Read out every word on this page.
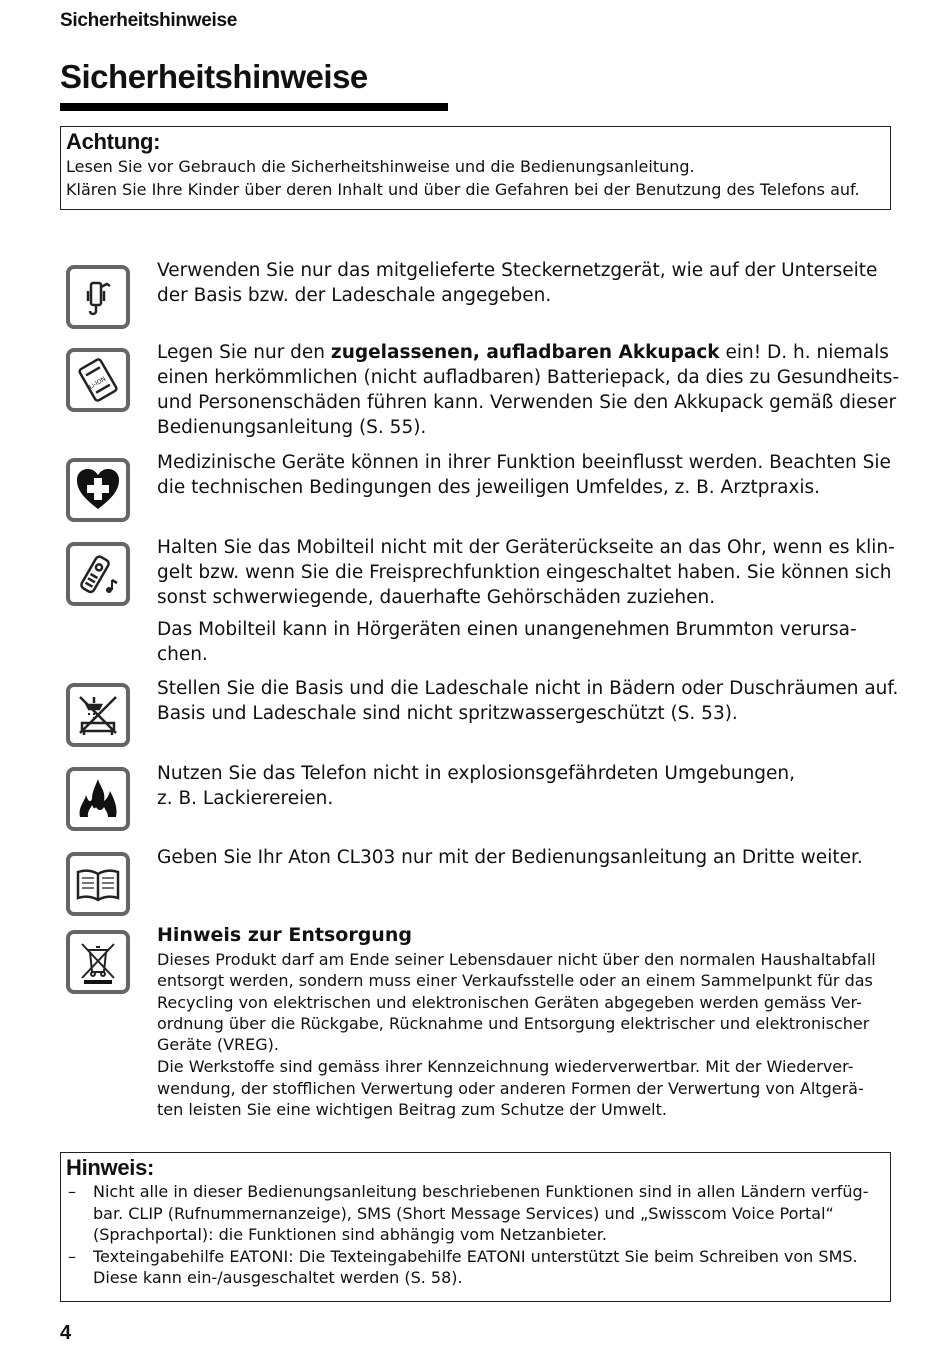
Sicherheitshinweise
Sicherheitshinweise
Achtung:
Lesen Sie vor Gebrauch die Sicherheitshinweise und die Bedienungsanleitung.
Klären Sie Ihre Kinder über deren Inhalt und über die Gefahren bei der Benutzung des Telefons auf.
Verwenden Sie nur das mitgelieferte Steckernetzgerät, wie auf der Unterseite
der Basis bzw. der Ladeschale angegeben.
Li-ION
Legen Sie nur den zugelassenen, aufladbaren Akkupack ein! D. h. niemals
einen herkömmlichen (nicht aufladbaren) Batteriepack, da dies zu Gesundheits-
und Personenschäden führen kann. Verwenden Sie den Akkupack gemäß dieser
Bedienungsanleitung (S. 55).
Medizinische Geräte können in ihrer Funktion beeinflusst werden. Beachten Sie
die technischen Bedingungen des jeweiligen Umfeldes, z. B. Arztpraxis.
Halten Sie das Mobilteil nicht mit der Geräterückseite an das Ohr, wenn es klin-
gelt bzw. wenn Sie die Freisprechfunktion eingeschaltet haben. Sie können sich
sonst schwerwiegende, dauerhafte Gehörschäden zuziehen.
Das Mobilteil kann in Hörgeräten einen unangenehmen Brummton verursa-
chen.
Stellen Sie die Basis und die Ladeschale nicht in Bädern oder Duschräumen auf.
Basis und Ladeschale sind nicht spritzwassergeschützt (S. 53).
Nutzen Sie das Telefon nicht in explosionsgefährdeten Umgebungen,
z. B. Lackierereien.
Geben Sie Ihr Aton CL303 nur mit der Bedienungsanleitung an Dritte weiter.
Hinweis zur Entsorgung
Dieses Produkt darf am Ende seiner Lebensdauer nicht über den normalen Haushaltabfall
entsorgt werden, sondern muss einer Verkaufsstelle oder an einem Sammelpunkt für das
Recycling von elektrischen und elektronischen Geräten abgegeben werden gemäss Ver-
ordnung über die Rückgabe, Rücknahme und Entsorgung elektrischer und elektronischer
Geräte (VREG).
Die Werkstoffe sind gemäss ihrer Kennzeichnung wiederverwertbar. Mit der Wiederver-
wendung, der stofflichen Verwertung oder anderen Formen der Verwertung von Altgerä-
ten leisten Sie eine wichtigen Beitrag zum Schutze der Umwelt.
Hinweis:
– Nicht alle in dieser Bedienungsanleitung beschriebenen Funktionen sind in allen Ländern verfüg-
bar. CLIP (Rufnummernanzeige), SMS (Short Message Services) und „Swisscom Voice Portal“
(Sprachportal): die Funktionen sind abhängig vom Netzanbieter.
– Texteingabehilfe EATONI: Die Texteingabehilfe EATONI unterstützt Sie beim Schreiben von SMS.
Diese kann ein-/ausgeschaltet werden (S. 58).
4
